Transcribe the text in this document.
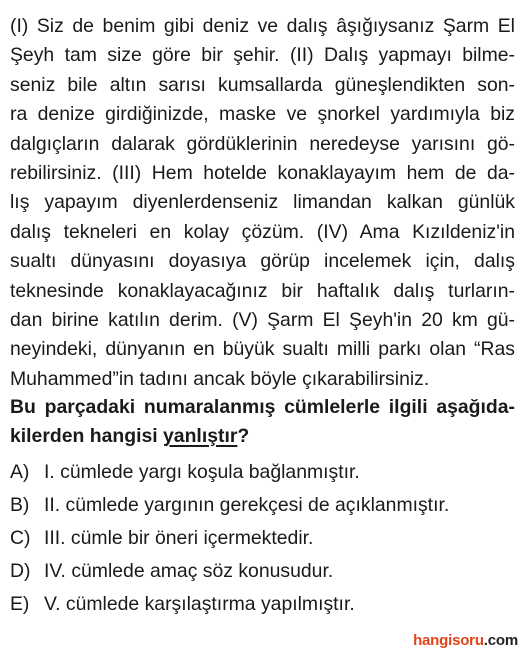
(I) Siz de benim gibi deniz ve dalış âşığıysanız Şarm El
Şeyh tam size göre bir şehir. (II) Dalış yapmayı bilme-
seniz bile altın sarısı kumsallarda güneşlendikten son-
ra denize girdiğinizde, maske ve şnorkel yardımıyla biz
dalgıçların dalarak gördüklerinin neredeyse yarısını gö-
rebilirsiniz. (III) Hem hotelde konaklayayım hem de da-
lış yapayım diyenlerdenseniz limandan kalkan günlük
dalış tekneleri en kolay çözüm. (IV) Ama Kızıldeniz'in
sualtı dünyasını doyasıya görüp incelemek için, dalış
teknesinde konaklayacağınız bir haftalık dalış turların-
dan birine katılın derim. (V) Şarm El Şeyh'in 20 km gü-
neyindeki, dünyanın en büyük sualtı milli parkı olan “Ras
Muhammed”in tadını ancak böyle çıkarabilirsiniz.
Bu parçadaki numaralanmış cümlelerle ilgili aşağıda-
kilerden hangisi yanlıştır?
A) I. cümlede yargı koşula bağlanmıştır.
B) II. cümlede yargının gerekçesi de açıklanmıştır.
C) III. cümle bir öneri içermektedir.
D) IV. cümlede amaç söz konusudur.
E) V. cümlede karşılaştırma yapılmıştır.
hangisoru.com
